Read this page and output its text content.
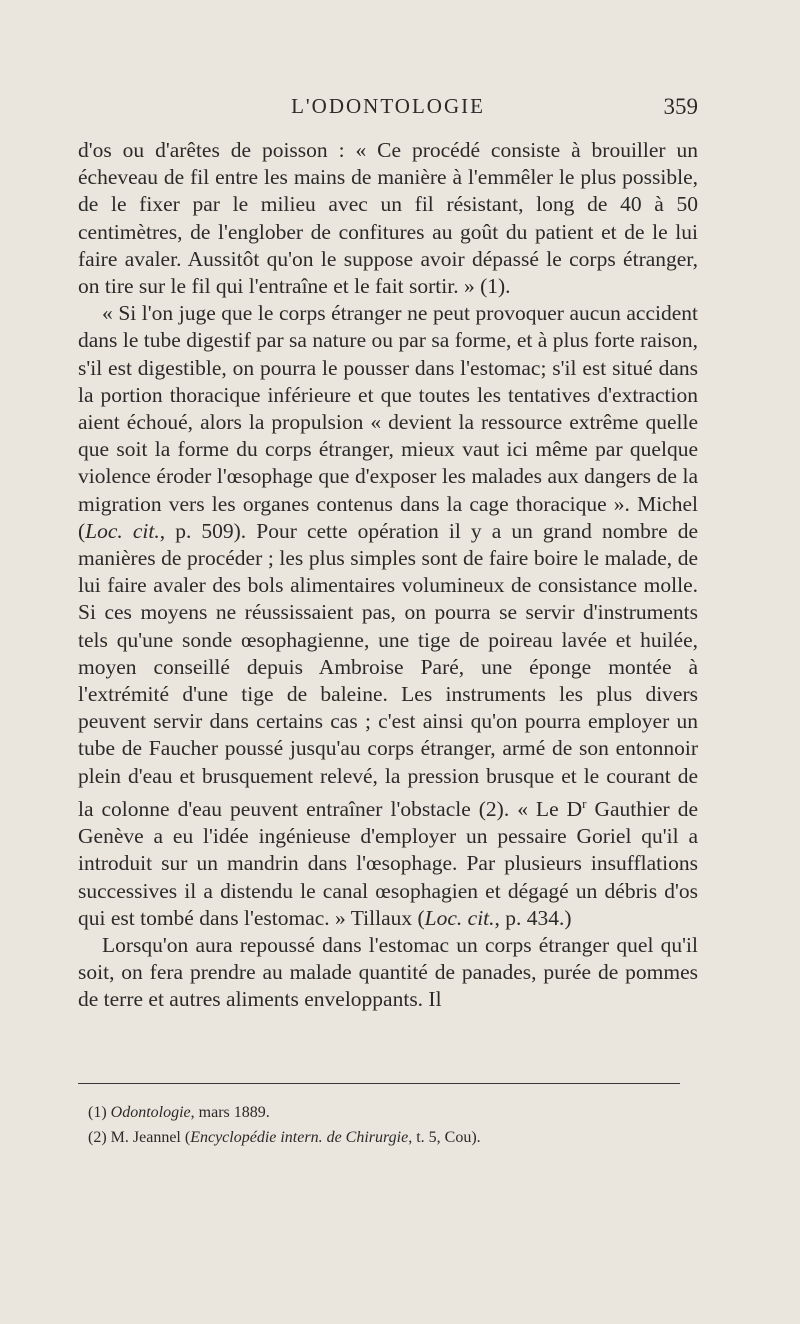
L'ODONTOLOGIE	359

d'os ou d'arêtes de poisson : « Ce procédé consiste à brouiller un écheveau de fil entre les mains de manière à l'emmêler le plus possible, de le fixer par le milieu avec un fil résistant, long de 40 à 50 centimètres, de l'englober de confitures au goût du patient et de le lui faire avaler. Aussitôt qu'on le suppose avoir dépassé le corps étranger, on tire sur le fil qui l'entraîne et le fait sortir. » (1).

« Si l'on juge que le corps étranger ne peut provoquer aucun accident dans le tube digestif par sa nature ou par sa forme, et à plus forte raison, s'il est digestible, on pourra le pousser dans l'estomac; s'il est situé dans la portion thoracique inférieure et que toutes les tentatives d'extraction aient échoué, alors la propulsion « devient la ressource extrême quelle que soit la forme du corps étranger, mieux vaut ici même par quelque violence éroder l'œsophage que d'exposer les malades aux dangers de la migration vers les organes contenus dans la cage thoracique ». Michel (Loc. cit., p. 509). Pour cette opération il y a un grand nombre de manières de procéder ; les plus simples sont de faire boire le malade, de lui faire avaler des bols alimentaires volumineux de consistance molle. Si ces moyens ne réussissaient pas, on pourra se servir d'instruments tels qu'une sonde œsophagienne, une tige de poireau lavée et huilée, moyen conseillé depuis Ambroise Paré, une éponge montée à l'extrémité d'une tige de baleine. Les instruments les plus divers peuvent servir dans certains cas ; c'est ainsi qu'on pourra employer un tube de Faucher poussé jusqu'au corps étranger, armé de son entonnoir plein d'eau et brusquement relevé, la pression brusque et le courant de la colonne d'eau peuvent entraîner l'obstacle (2). « Le $D^r$ Gauthier de Genève a eu l'idée ingénieuse d'employer un pessaire Goriel qu'il a introduit sur un mandrin dans l'œsophage. Par plusieurs insufflations successives il a distendu le canal œsophagien et dégagé un débris d'os qui est tombé dans l'estomac. » Tillaux (Loc. cit., p. 434.)

Lorsqu'on aura repoussé dans l'estomac un corps étranger quel qu'il soit, on fera prendre au malade quantité de panades, purée de pommes de terre et autres aliments enveloppants. Il

(1) Odontologie, mars 1889.
(2) M. Jeannel (Encyclopédie intern. de Chirurgie, t. 5, Cou).
